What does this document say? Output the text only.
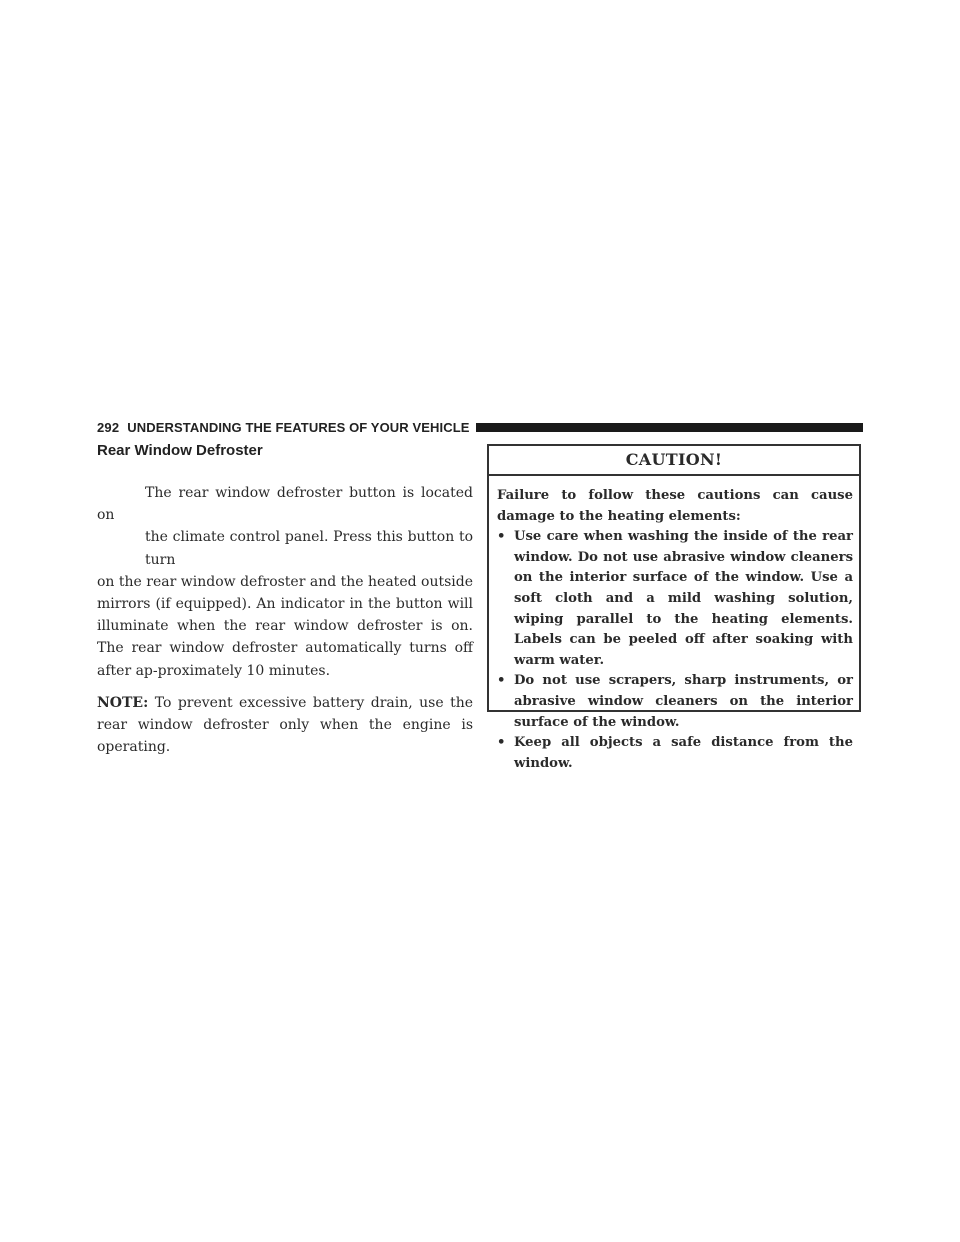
292 UNDERSTANDING THE FEATURES OF YOUR VEHICLE
Rear Window Defroster

The rear window defroster button is located on
the climate control panel. Press this button to turn
on the rear window defroster and the heated outside mirrors (if equipped). An indicator in the button will illuminate when the rear window defroster is on. The rear window defroster automatically turns off after ap-proximately 10 minutes.

NOTE: To prevent excessive battery drain, use the rear window defroster only when the engine is operating.

CAUTION!

Failure to follow these cautions can cause damage to the heating elements:

• Use care when washing the inside of the rear window. Do not use abrasive window cleaners on the interior surface of the window. Use a soft cloth and a mild washing solution, wiping parallel to the heating elements. Labels can be peeled off after soaking with warm water.
• Do not use scrapers, sharp instruments, or abrasive window cleaners on the interior surface of the window.
• Keep all objects a safe distance from the window.
